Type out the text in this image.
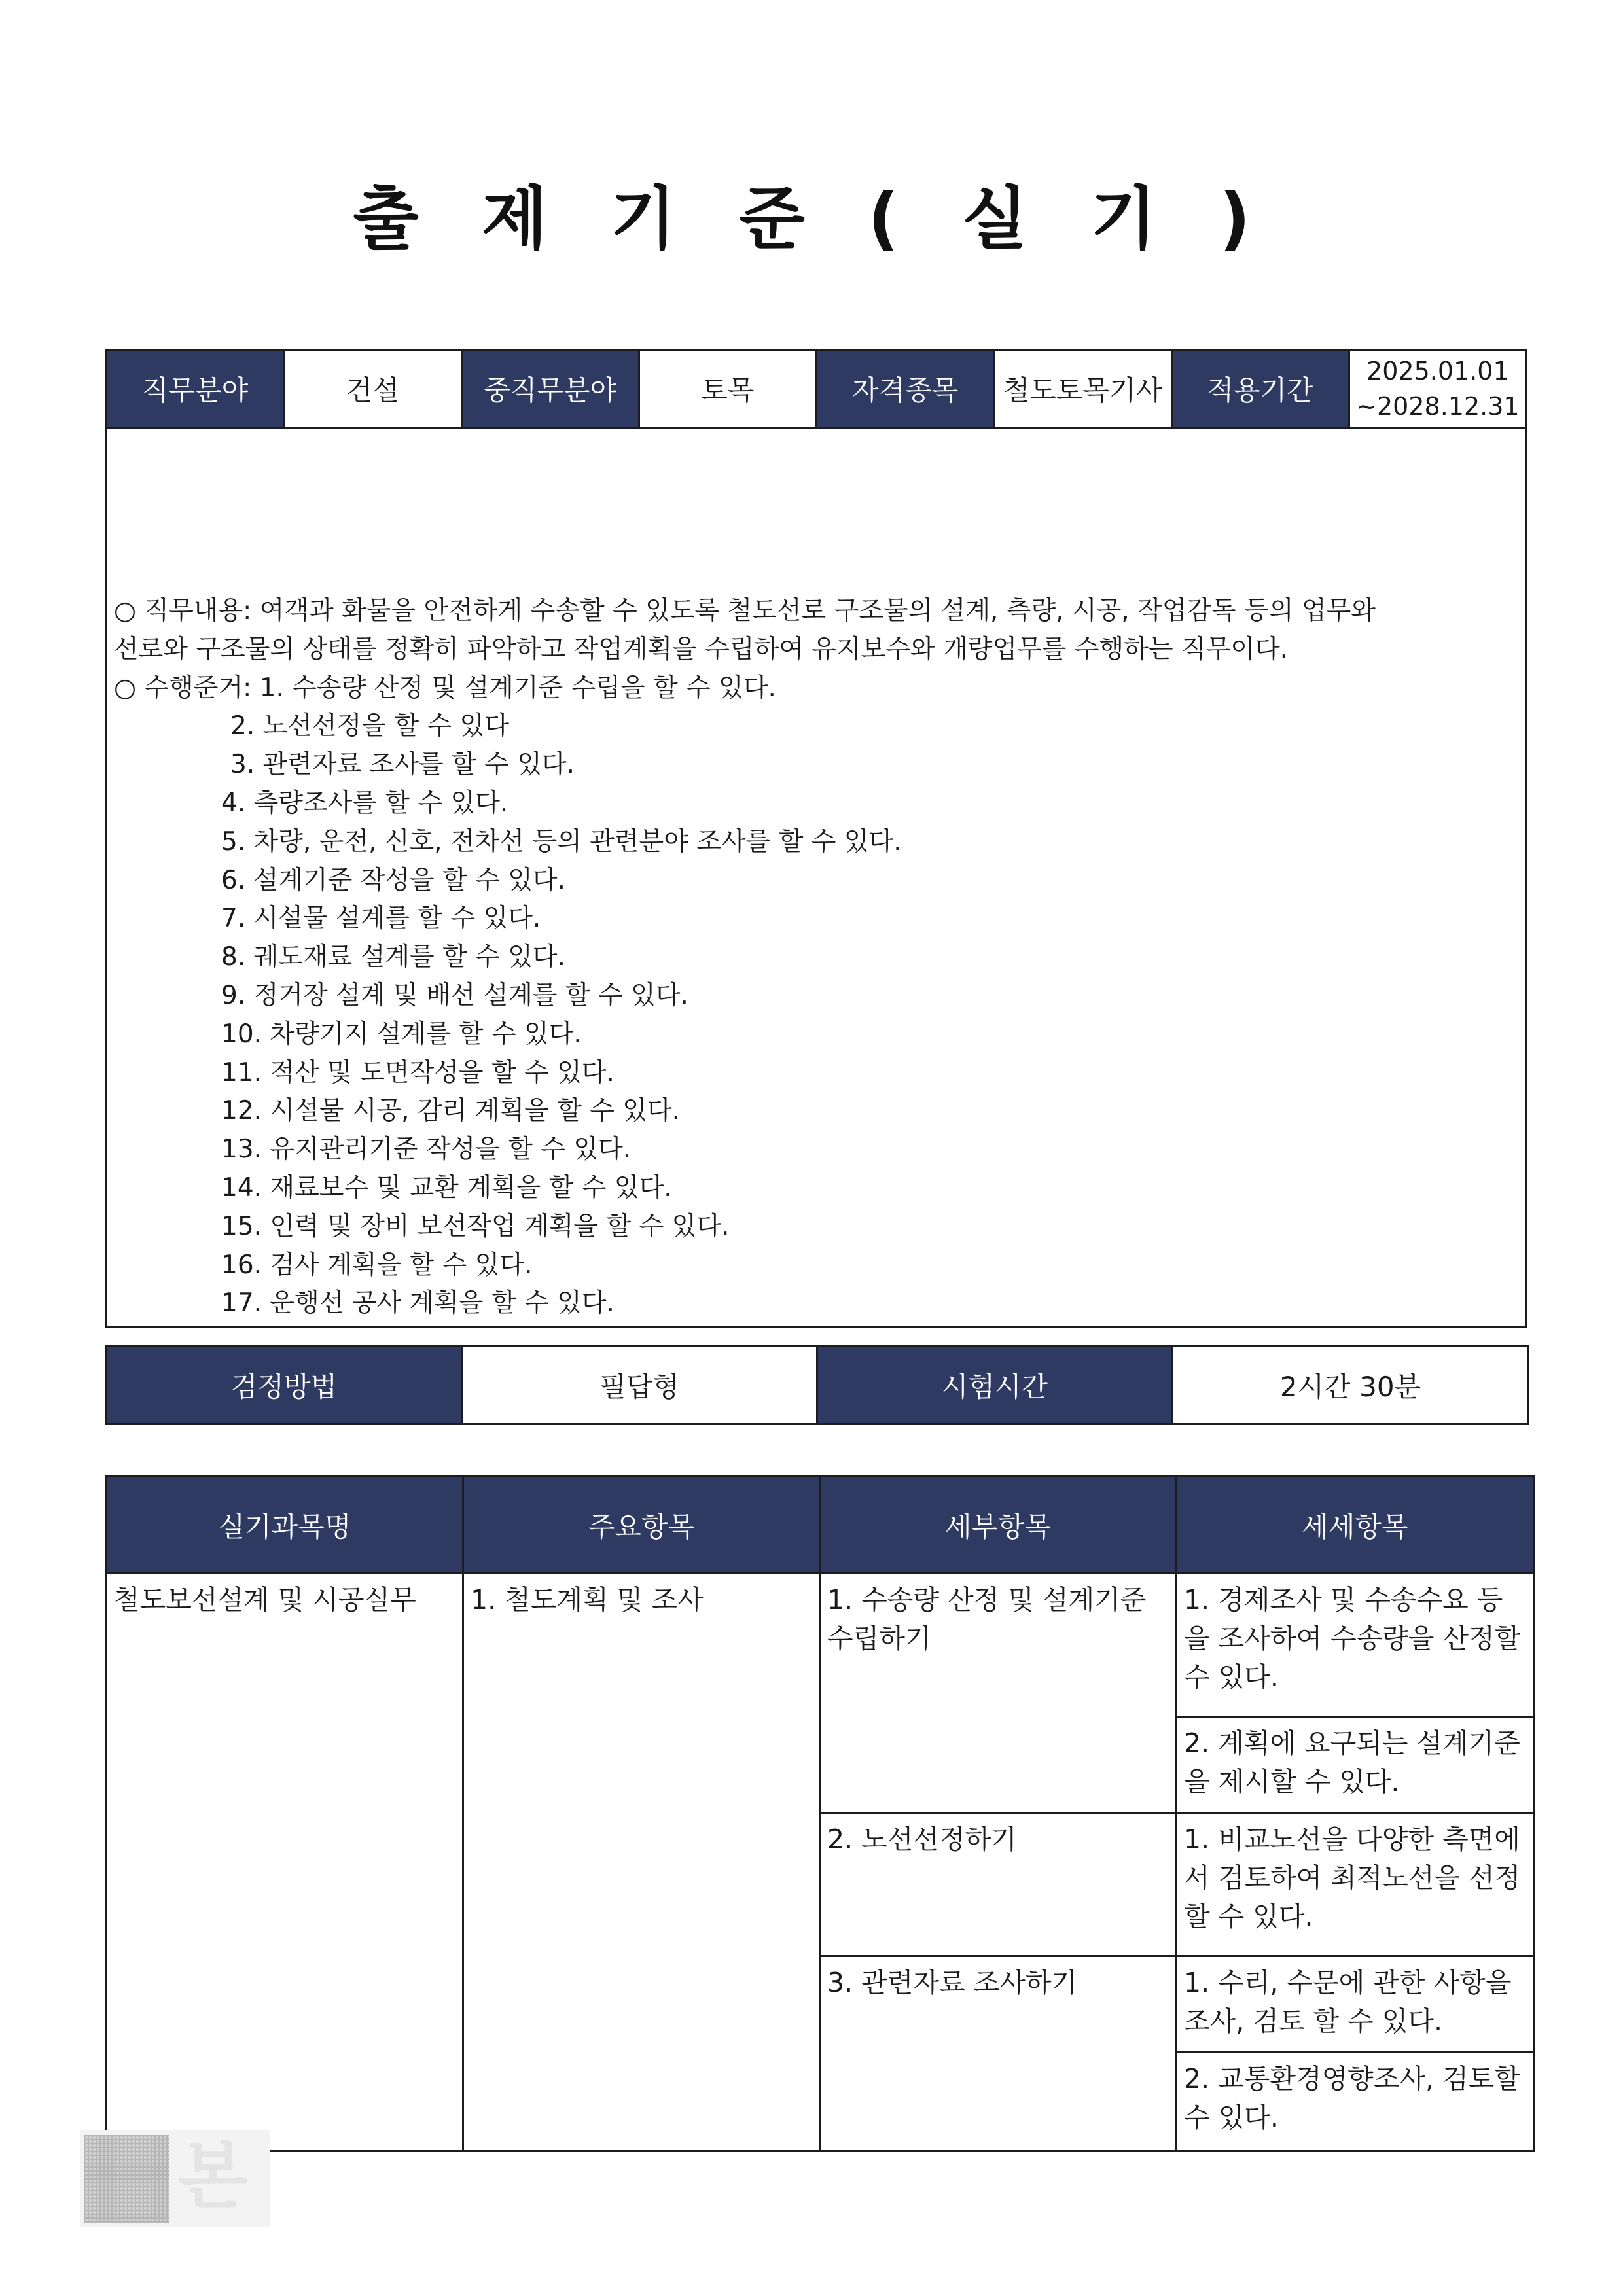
출 제 기 준 ( 실 기 )
직무분야	건설	중직무분야	토목	자격종목	철도토목기사	적용기간	
2025.01.01
~2028.12.31

○ 직무내용: 여객과 화물을 안전하게 수송할 수 있도록 철도선로 구조물의 설계, 측량, 시공, 작업감독 등의 업무와
선로와 구조물의 상태를 정확히 파악하고 작업계획을 수립하여 유지보수와 개량업무를 수행하는 직무이다.
○ 수행준거: 1. 수송량 산정 및 설계기준 수립을 할 수 있다.
2. 노선선정을 할 수 있다
3. 관련자료 조사를 할 수 있다.
4. 측량조사를 할 수 있다.
5. 차량, 운전, 신호, 전차선 등의 관련분야 조사를 할 수 있다.
6. 설계기준 작성을 할 수 있다.
7. 시설물 설계를 할 수 있다.
8. 궤도재료 설계를 할 수 있다.
9. 정거장 설계 및 배선 설계를 할 수 있다.
10. 차량기지 설계를 할 수 있다.
11. 적산 및 도면작성을 할 수 있다.
12. 시설물 시공, 감리 계획을 할 수 있다.
13. 유지관리기준 작성을 할 수 있다.
14. 재료보수 및 교환 계획을 할 수 있다.
15. 인력 및 장비 보선작업 계획을 할 수 있다.
16. 검사 계획을 할 수 있다.
17. 운행선 공사 계획을 할 수 있다.
검정방법	필답형	시험시간	2시간 30분
실기과목명	주요항목	세부항목	세세항목
철도보선설계 및 시공실무	1. 철도계획 및 조사	1. 수송량 산정 및 설계기준 수립하기	1. 경제조사 및 수송수요 등을 조사하여 수송량을 산정할 수 있다.
			2. 계획에 요구되는 설계기준을 제시할 수 있다.
		2. 노선선정하기	1. 비교노선을 다양한 측면에서 검토하여 최적노선을 선정할 수 있다.
		3. 관련자료 조사하기	1. 수리, 수문에 관한 사항을 조사, 검토 할 수 있다.
			2. 교통환경영향조사, 검토할 수 있다.
본
